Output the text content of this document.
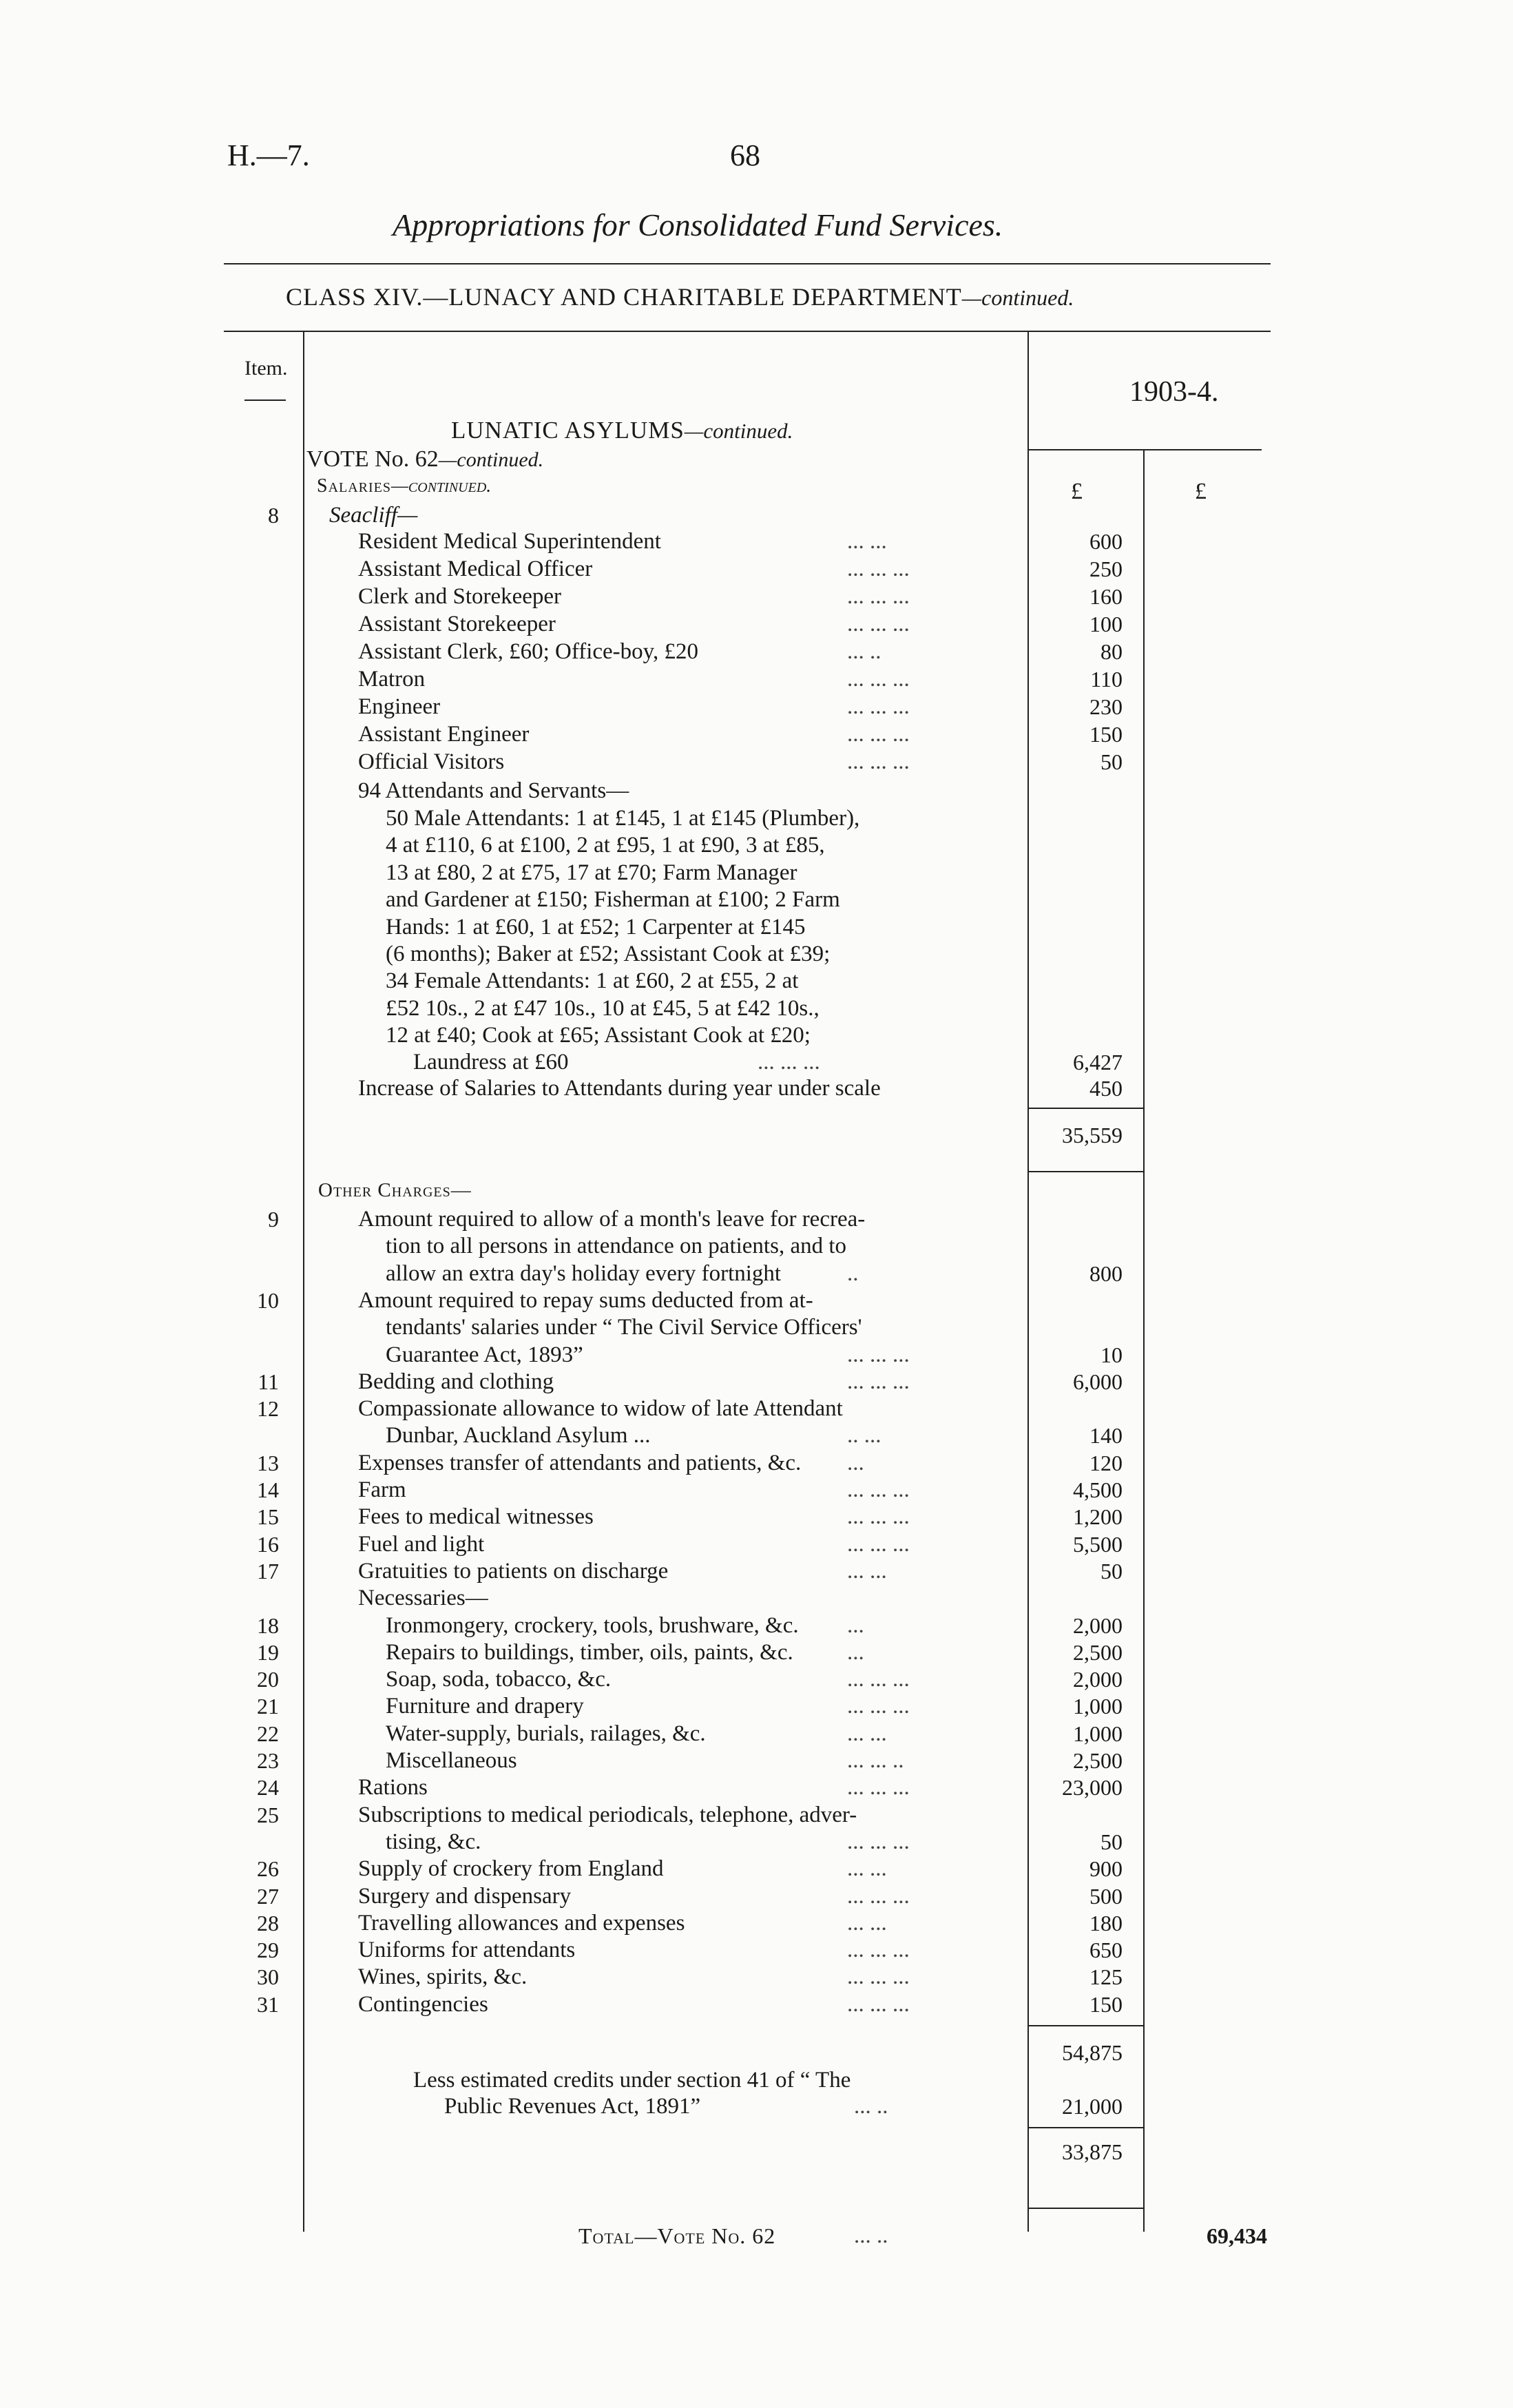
H.—7.	68
Appropriations for Consolidated Fund Services.
CLASS XIV.—LUNACY AND CHARITABLE DEPARTMENT—continued.
Item.
1903-4.
£	£
LUNATIC ASYLUMS—continued.
VOTE No. 62—continued.
Salaries—continued.
8 Seacliff—
Resident Medical Superintendent	... ...	600
Assistant Medical Officer	... ... ...	250
Clerk and Storekeeper	... ... ...	160
Assistant Storekeeper	... ... ...	100
Assistant Clerk, £60; Office-boy, £20	... ..	80
Matron	... ... ...	110
Engineer	... ... ...	230
Assistant Engineer	... ... ...	150
Official Visitors	... ... ...	50
94 Attendants and Servants—
50 Male Attendants: 1 at £145, 1 at £145 (Plumber),
4 at £110, 6 at £100, 2 at £95, 1 at £90, 3 at £85,
13 at £80, 2 at £75, 17 at £70; Farm Manager
and Gardener at £150; Fisherman at £100; 2 Farm
Hands: 1 at £60, 1 at £52; 1 Carpenter at £145
(6 months); Baker at £52; Assistant Cook at £39;
34 Female Attendants: 1 at £60, 2 at £55, 2 at
£52 10s., 2 at £47 10s., 10 at £45, 5 at £42 10s.,
12 at £40; Cook at £65; Assistant Cook at £20;
Laundress at £60	... ... ...	6,427
Increase of Salaries to Attendants during year under scale	450
35,559
Other Charges—
9	Amount required to allow of a month's leave for recrea-
tion to all persons in attendance on patients, and to
allow an extra day's holiday every fortnight	..	800
10	Amount required to repay sums deducted from at-
tendants' salaries under “ The Civil Service Officers'
Guarantee Act, 1893”	... ... ...	10
11	Bedding and clothing	... ... ...	6,000
12	Compassionate allowance to widow of late Attendant
Dunbar, Auckland Asylum ...	.. ...	140
13	Expenses transfer of attendants and patients, &c. ...	120
14	Farm	... ... ...	4,500
15	Fees to medical witnesses	... ... ...	1,200
16	Fuel and light	... ... ...	5,500
17	Gratuities to patients on discharge	... ...	50
Necessaries—
18	Ironmongery, crockery, tools, brushware, &c. ...	2,000
19	Repairs to buildings, timber, oils, paints, &c. ...	2,500
20	Soap, soda, tobacco, &c.	... ... ...	2,000
21	Furniture and drapery	... ... ...	1,000
22	Water-supply, burials, railages, &c.	... ...	1,000
23	Miscellaneous	... ... ..	2,500
24	Rations	... ... ...	23,000
25	Subscriptions to medical periodicals, telephone, adver-
tising, &c.	... ... ...	50
26	Supply of crockery from England	... ...	900
27	Surgery and dispensary	... ... ...	500
28	Travelling allowances and expenses	... ...	180
29	Uniforms for attendants	... ... ...	650
30	Wines, spirits, &c.	... ... ...	125
31	Contingencies	... ... ...	150
54,875
Less estimated credits under section 41 of “ The
Public Revenues Act, 1891”	... ..	21,000
33,875
Total—Vote No. 62	... ..	69,434
